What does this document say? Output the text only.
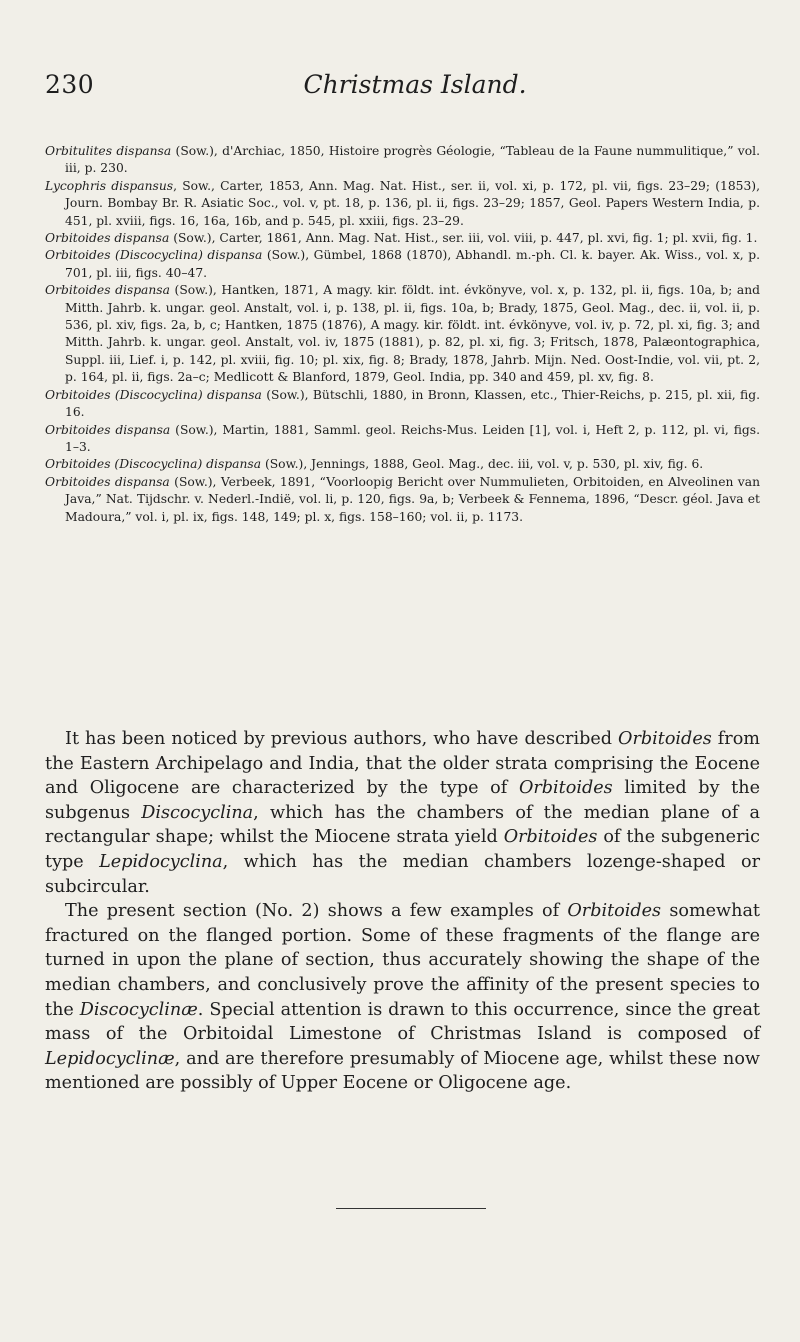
230	Christmas Island.
Orbitulites dispansa (Sow.), d'Archiac, 1850, Histoire progrès Géologie, “Tableau de la Faune nummulitique,” vol. iii, p. 230.
Lycophris dispansus, Sow., Carter, 1853, Ann. Mag. Nat. Hist., ser. ii, vol. xi, p. 172, pl. vii, figs. 23–29; (1853), Journ. Bombay Br. R. Asiatic Soc., vol. v, pt. 18, p. 136, pl. ii, figs. 23–29; 1857, Geol. Papers Western India, p. 451, pl. xviii, figs. 16, 16a, 16b, and p. 545, pl. xxiii, figs. 23–29.
Orbitoides dispansa (Sow.), Carter, 1861, Ann. Mag. Nat. Hist., ser. iii, vol. viii, p. 447, pl. xvi, fig. 1; pl. xvii, fig. 1.
Orbitoides (Discocyclina) dispansa (Sow.), Gümbel, 1868 (1870), Abhandl. m.-ph. Cl. k. bayer. Ak. Wiss., vol. x, p. 701, pl. iii, figs. 40–47.
Orbitoides dispansa (Sow.), Hantken, 1871, A magy. kir. földt. int. évkönyve, vol. x, p. 132, pl. ii, figs. 10a, b; and Mitth. Jahrb. k. ungar. geol. Anstalt, vol. i, p. 138, pl. ii, figs. 10a, b; Brady, 1875, Geol. Mag., dec. ii, vol. ii, p. 536, pl. xiv, figs. 2a, b, c; Hantken, 1875 (1876), A magy. kir. földt. int. évkönyve, vol. iv, p. 72, pl. xi, fig. 3; and Mitth. Jahrb. k. ungar. geol. Anstalt, vol. iv, 1875 (1881), p. 82, pl. xi, fig. 3; Fritsch, 1878, Palæontographica, Suppl. iii, Lief. i, p. 142, pl. xviii, fig. 10; pl. xix, fig. 8; Brady, 1878, Jahrb. Mijn. Ned. Oost-Indie, vol. vii, pt. 2, p. 164, pl. ii, figs. 2a–c; Medlicott & Blanford, 1879, Geol. India, pp. 340 and 459, pl. xv, fig. 8.
Orbitoides (Discocyclina) dispansa (Sow.), Bütschli, 1880, in Bronn, Klassen, etc., Thier-Reichs, p. 215, pl. xii, fig. 16.
Orbitoides dispansa (Sow.), Martin, 1881, Samml. geol. Reichs-Mus. Leiden [1], vol. i, Heft 2, p. 112, pl. vi, figs. 1–3.
Orbitoides (Discocyclina) dispansa (Sow.), Jennings, 1888, Geol. Mag., dec. iii, vol. v, p. 530, pl. xiv, fig. 6.
Orbitoides dispansa (Sow.), Verbeek, 1891, “Voorloopig Bericht over Nummulieten, Orbitoiden, en Alveolinen van Java,” Nat. Tijdschr. v. Nederl.-Indië, vol. li, p. 120, figs. 9a, b; Verbeek & Fennema, 1896, “Descr. géol. Java et Madoura,” vol. i, pl. ix, figs. 148, 149; pl. x, figs. 158–160; vol. ii, p. 1173.

It has been noticed by previous authors, who have described Orbitoides from the Eastern Archipelago and India, that the older strata comprising the Eocene and Oligocene are characterized by the type of Orbitoides limited by the subgenus Discocyclina, which has the chambers of the median plane of a rectangular shape; whilst the Miocene strata yield Orbitoides of the subgeneric type Lepidocyclina, which has the median chambers lozenge-shaped or subcircular.

The present section (No. 2) shows a few examples of Orbitoides somewhat fractured on the flanged portion. Some of these fragments of the flange are turned in upon the plane of section, thus accurately showing the shape of the median chambers, and conclusively prove the affinity of the present species to the Discocyclinæ. Special attention is drawn to this occurrence, since the great mass of the Orbitoidal Limestone of Christmas Island is composed of Lepidocyclinæ, and are therefore presumably of Miocene age, whilst these now mentioned are possibly of Upper Eocene or Oligocene age.
